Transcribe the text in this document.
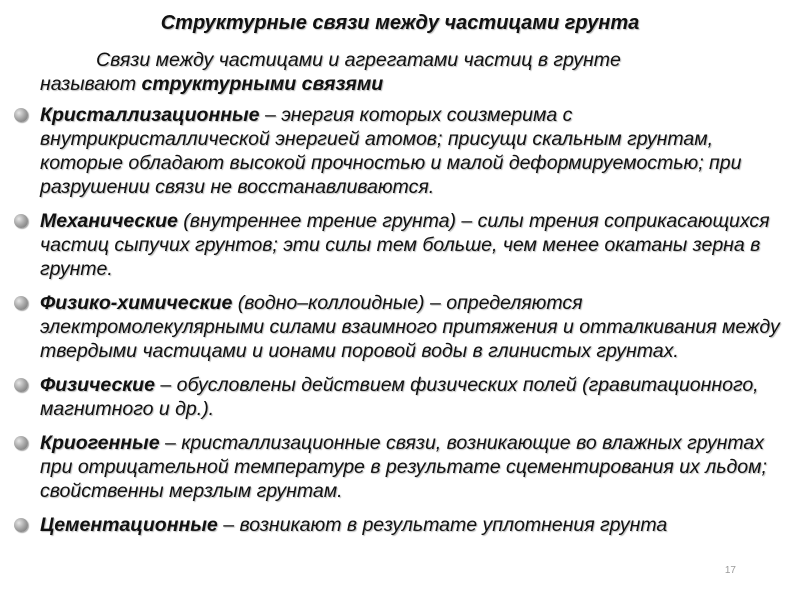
Структурные связи между частицами грунта
Связи между частицами и агрегатами частиц в грунте
называют структурными связями
Кристаллизационные – энергия которых соизмерима с внутрикристаллической энергией атомов; присущи скальным грунтам, которые обладают высокой прочностью и малой деформируемостью; при разрушении связи не восстанавливаются.
Механические (внутреннее трение грунта) – силы трения соприкасающихся частиц сыпучих грунтов; эти силы тем больше, чем менее окатаны зерна в грунте.
Физико-химические (водно–коллоидные) – определяются электромолекулярными силами взаимного притяжения и отталкивания между твердыми частицами и ионами поровой воды в глинистых грунтах.
Физические – обусловлены действием физических полей (гравитационного, магнитного и др.).
Криогенные – кристаллизационные связи, возникающие во влажных грунтах при отрицательной температуре в результате сцементирования их льдом; свойственны мерзлым грунтам.
Цементационные – возникают в результате уплотнения грунта
17
